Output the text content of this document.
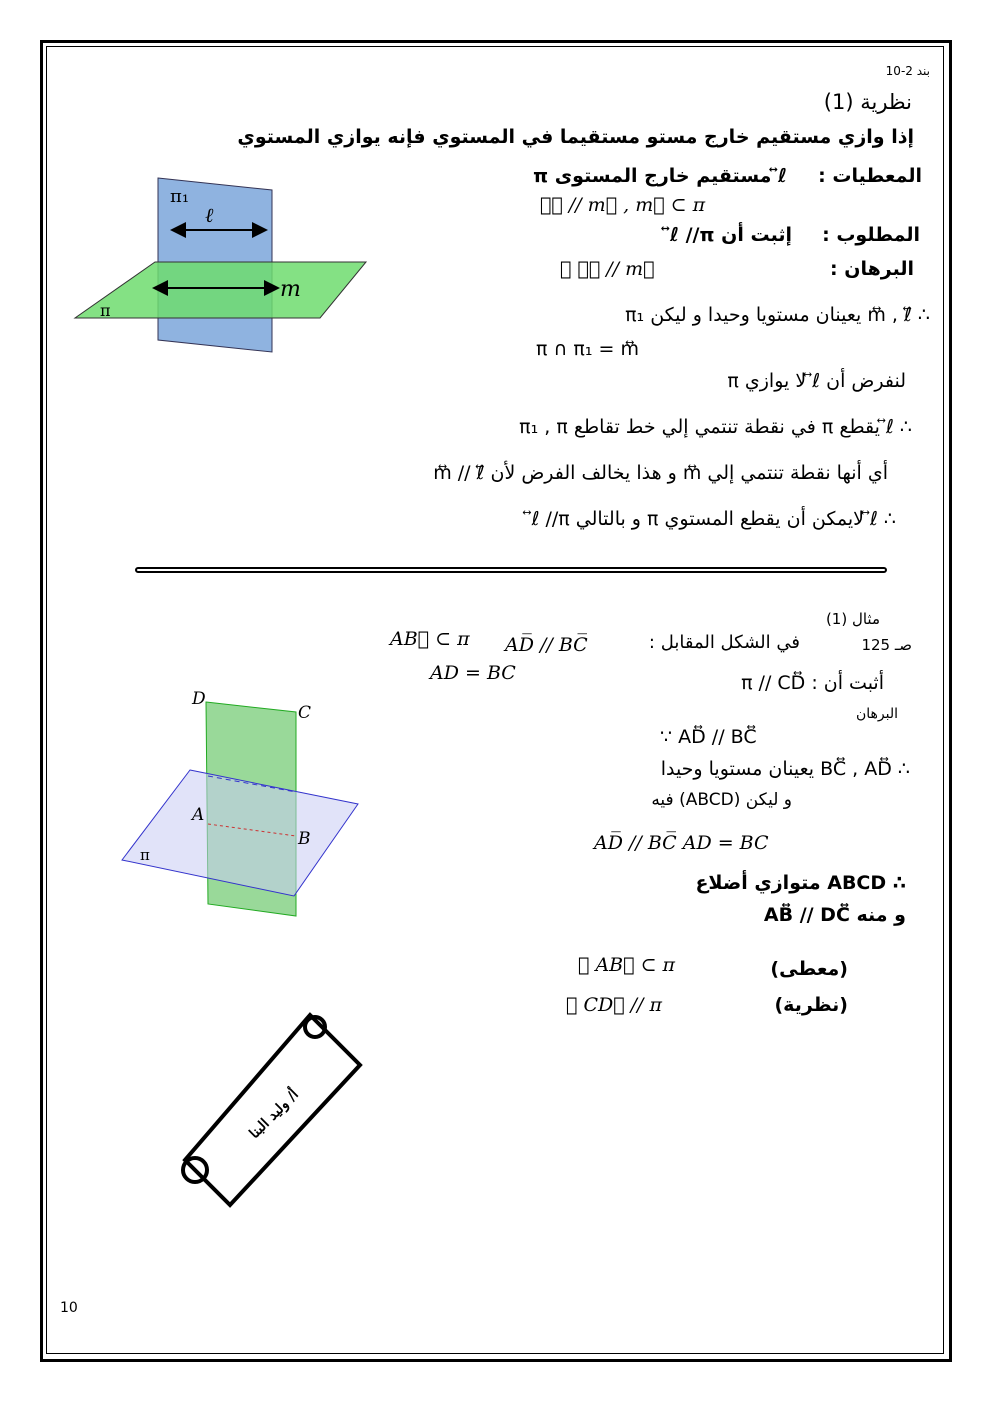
بند 2-10
نظرية (1)
إذا وازي مستقيم خارج مستو مستقيما في المستوي فإنه يوازي المستوي
المعطيات :
ℓ⃡ مستقيم خارج المستوى π
ℓ⃡ // m⃡ , m⃡ ⊂ π
المطلوب :
إثبت أن ℓ⃡ //π
البرهان :
∵ ℓ⃡ // m⃡
∴ m⃡ , ℓ⃡ يعينان مستويا وحيدا و ليكن π₁
π ∩ π₁ = m⃡
لنفرض أن ℓ⃡ لا يوازي π
∴ ℓ⃡ يقطع π في نقطة تنتمي إلي خط تقاطع π₁ , π
أي أنها نقطة تنتمي إلي m⃡ و هذا يخالف الفرض لأن m⃡ // ℓ⃡
∴ ℓ⃡ لايمكن أن يقطع المستوي π و بالتالي ℓ⃡ //π
π₁
ℓ
m
π
مثال (1)
صـ 125
في الشكل المقابل :
AD̅ // BC̅
AB⃡ ⊂ π
AD = BC	أثبت أن : π // CD⃡
البرهان
∵ AD⃡ // BC⃡
∴ BC⃡ , AD⃡ يعينان مستويا وحيدا
و ليكن (ABCD) فيه
AD̅ // BC̅ AD = BC
∴ ABCD متوازي أضلاع
و منه AB⃡ // DC⃡
∴ AB⃡ ⊂ π
∴ CD⃡ // π
(معطى)
(نظرية)
D
C
A
B
π
أ/ وليد البنا
10
